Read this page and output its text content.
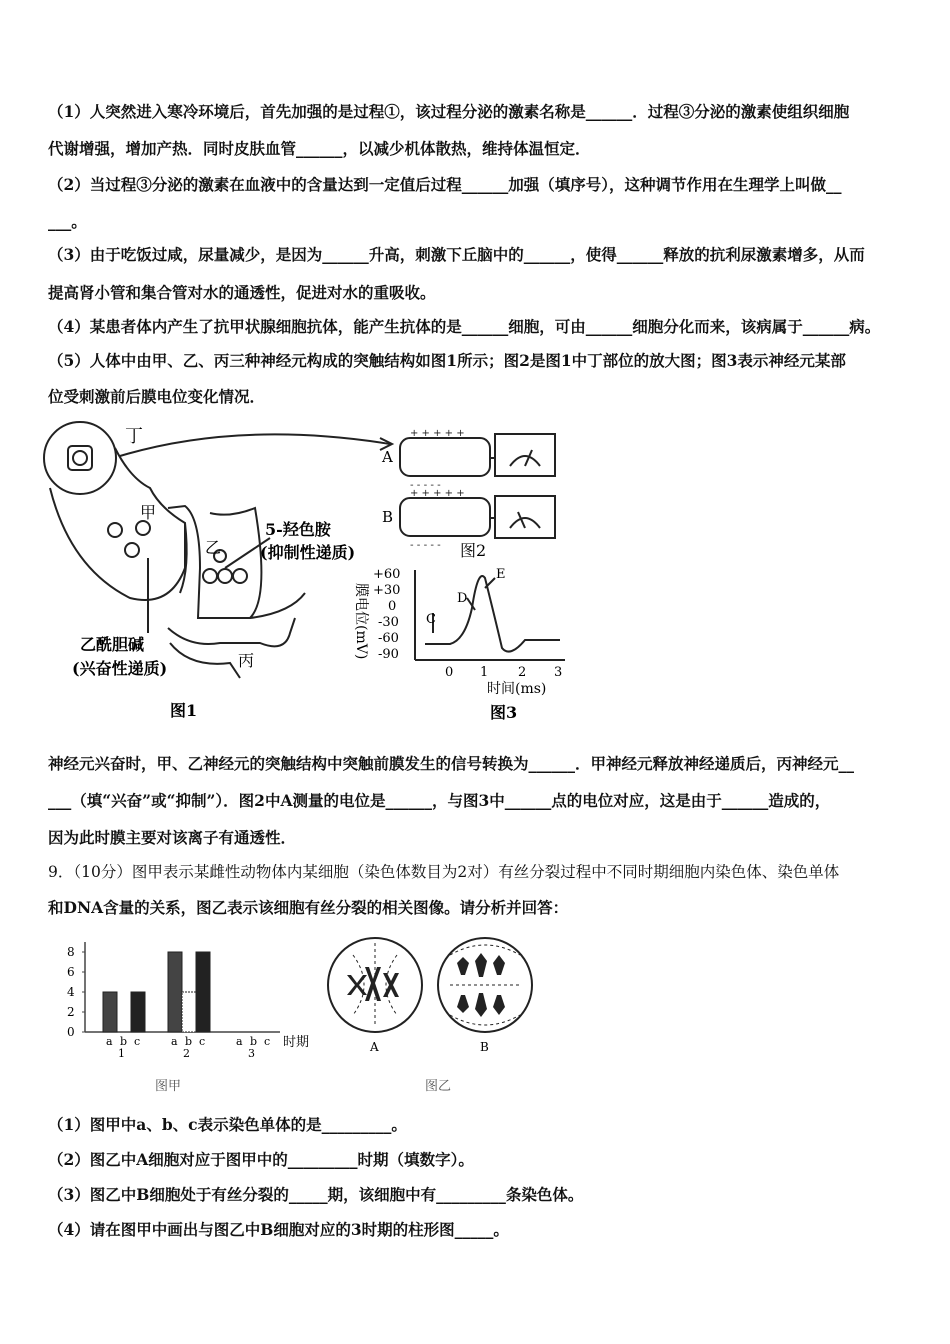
（1）人突然进入寒冷环境后，首先加强的是过程①，该过程分泌的激素名称是______．过程③分泌的激素使组织细胞
代谢增强，增加产热．同时皮肤血管______，以减少机体散热，维持体温恒定．
（2）当过程③分泌的激素在血液中的含量达到一定值后过程______加强（填序号），这种调节作用在生理学上叫做__
___。
（3）由于吃饭过咸，尿量减少，是因为______升高，刺激下丘脑中的______，使得______释放的抗利尿激素增多，从而
提高肾小管和集合管对水的通透性，促进对水的重吸收。
（4）某患者体内产生了抗甲状腺细胞抗体，能产生抗体的是______细胞，可由______细胞分化而来，该病属于______病。
（5）人体中由甲、乙、丙三种神经元构成的突触结构如图1所示；图2是图1中丁部位的放大图；图3表示神经元某部
位受刺激前后膜电位变化情况．
丁
甲
乙
丙
5-羟色胺
(抑制性递质)
乙酰胆碱
(兴奋性递质)
图1
+ + + + +
- - - - -
+ + + + +
- - - - -
A
B
图2
膜电位(mV)
+60
+30
0
-30
-60
-90
0 1 2 3
时间(ms)
C
D
E
图3
神经元兴奋时，甲、乙神经元的突触结构中突触前膜发生的信号转换为______．甲神经元释放神经递质后，丙神经元__
___（填“兴奋”或“抑制”）．图2中A测量的电位是______，与图3中______点的电位对应，这是由于______造成的，
因为此时膜主要对该离子有通透性．
9．（10分）图甲表示某雌性动物体内某细胞（染色体数目为2对）有丝分裂过程中不同时期细胞内染色体、染色单体
和DNA含量的关系，图乙表示该细胞有丝分裂的相关图像。请分析并回答：
0
2
4
6
8
a b c
1
a b c
2
a b c
3
时期
图甲
A	B
图乙
（1）图甲中a、b、c表示染色单体的是_________。
（2）图乙中A细胞对应于图甲中的_________时期（填数字）。
（3）图乙中B细胞处于有丝分裂的_____期，该细胞中有_________条染色体。
（4）请在图甲中画出与图乙中B细胞对应的3时期的柱形图_____。
